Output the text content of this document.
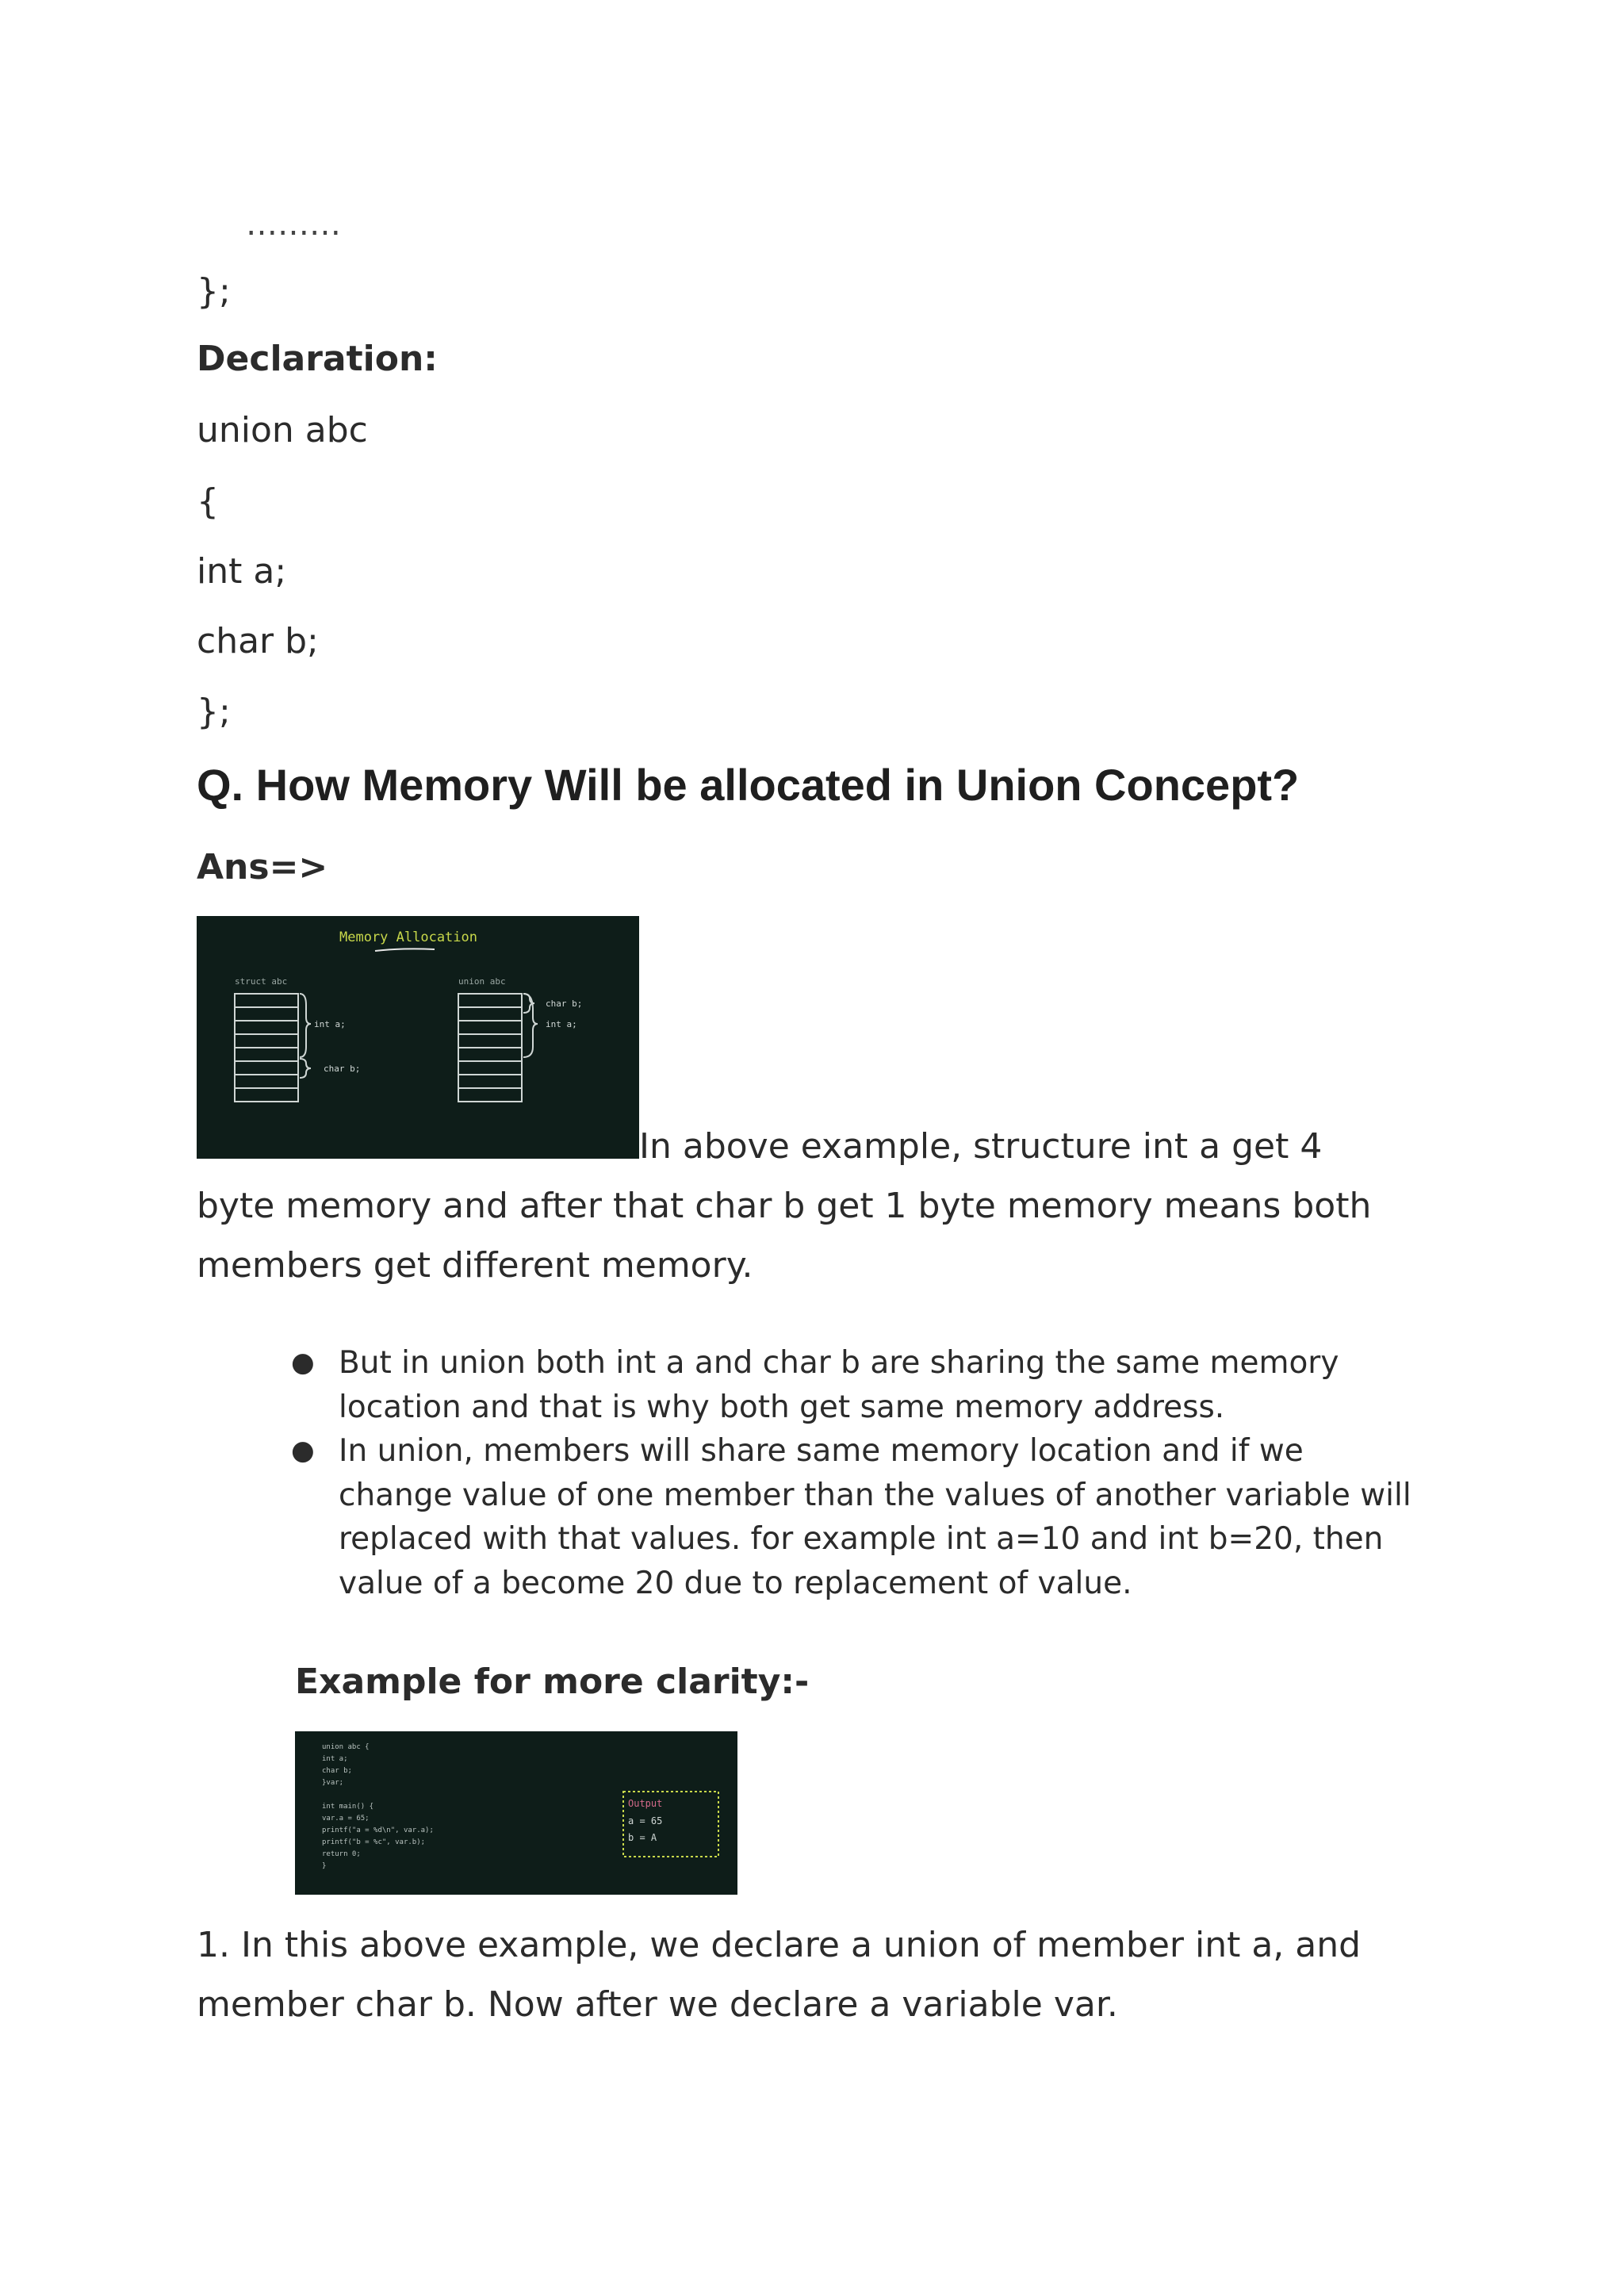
………
};
Declaration:
union abc
{
int a;
char b;
};
Q. How Memory Will be allocated in Union Concept?
Ans=>
Memory Allocation
struct abc	union abc
int a;
char b;
char b;
int a;
In above example, structure int a get 4
byte memory and after that char b get 1 byte memory means both
members get different memory.
● But in union both int a and char b are sharing the same memory
location and that is why both get same memory address.
● In union, members will share same memory location and if we
change value of one member than the values of another variable will
replaced with that values. for example int a=10 and int b=20, then
value of a become 20 due to replacement of value.
Example for more clarity:-
union abc {
int a;
char b;
}var;
int main() {
var.a = 65;
printf("a = %d\n", var.a);
printf("b = %c", var.b);
return 0;
}
Output
a = 65
b = A
1. In this above example, we declare a union of member int a, and
member char b. Now after we declare a variable var.
